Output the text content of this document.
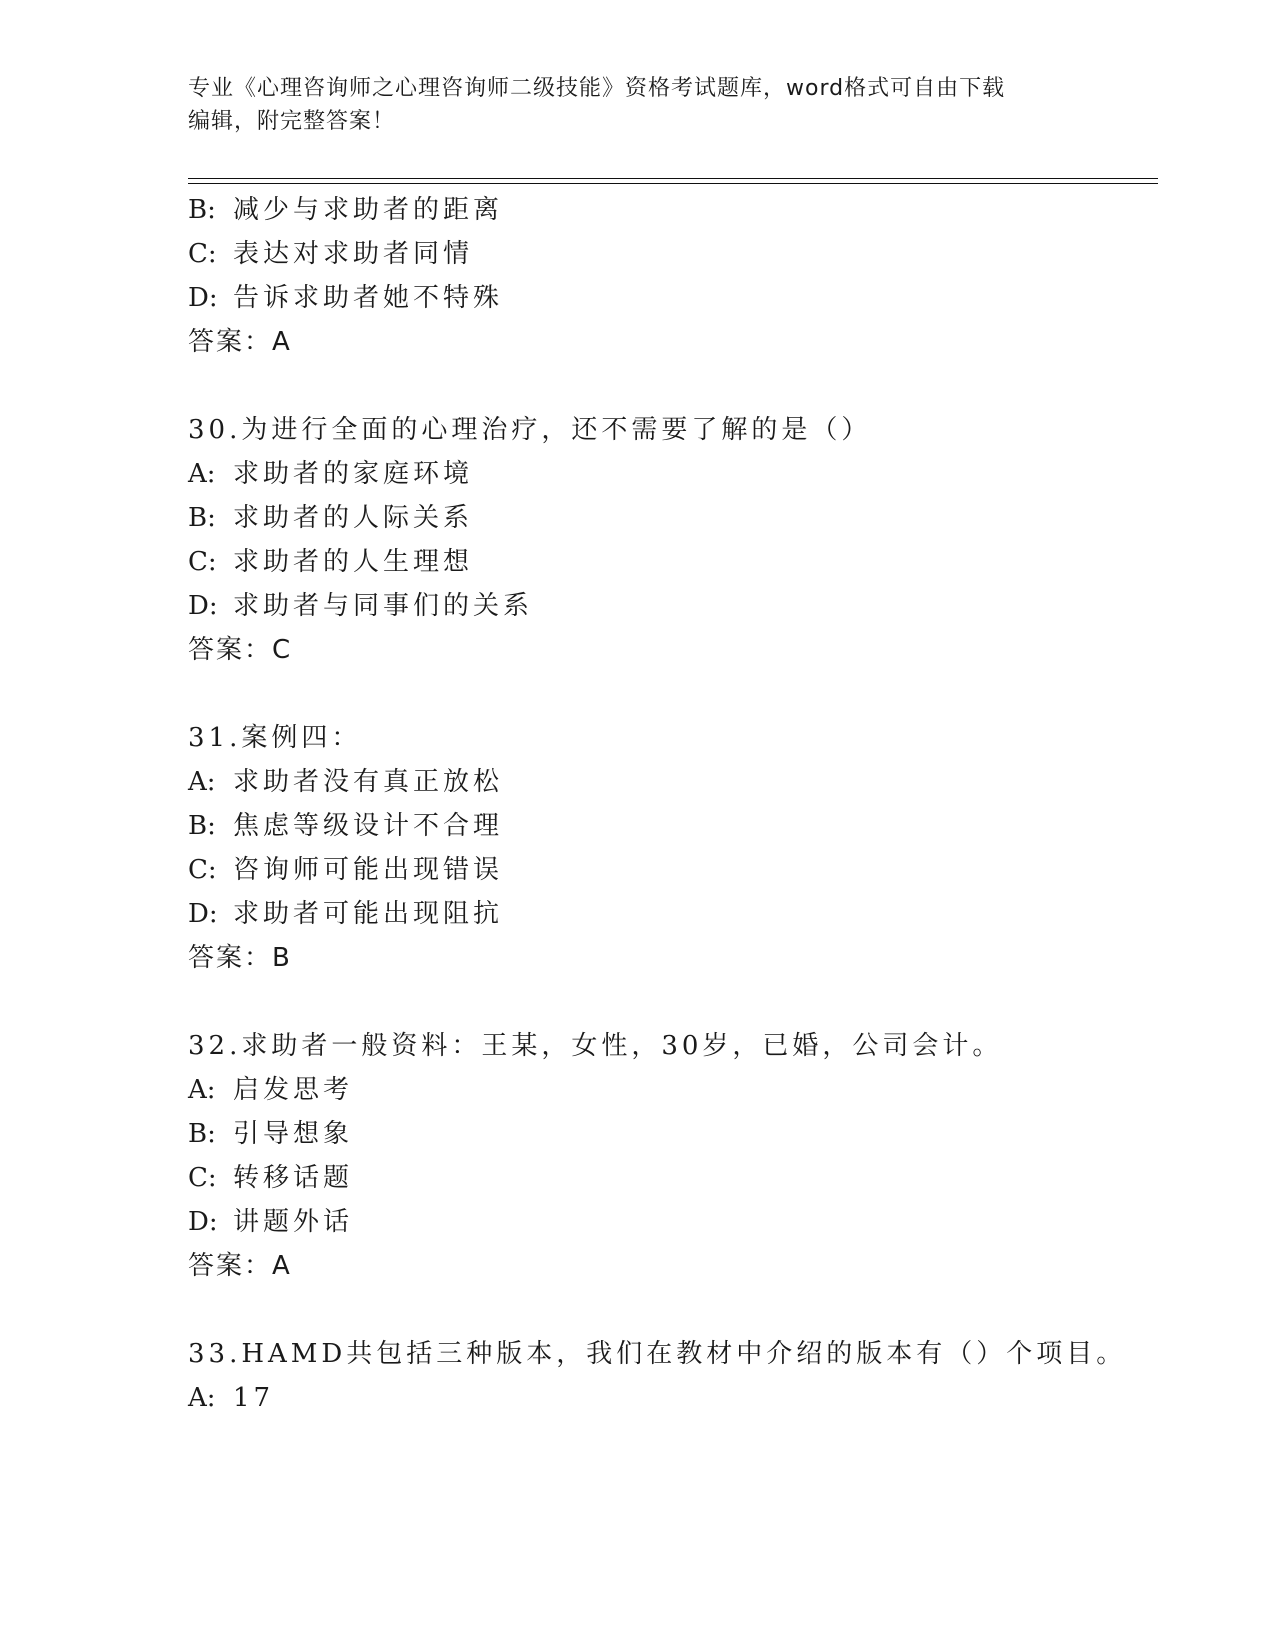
专业《心理咨询师之心理咨询师二级技能》资格考试题库，word格式可自由下载
编辑，附完整答案！
B: 减少与求助者的距离
C: 表达对求助者同情
D: 告诉求助者她不特殊
答案：A
30.为进行全面的心理治疗，还不需要了解的是（）
A: 求助者的家庭环境
B: 求助者的人际关系
C: 求助者的人生理想
D: 求助者与同事们的关系
答案：C
31.案例四：
A: 求助者没有真正放松
B: 焦虑等级设计不合理
C: 咨询师可能出现错误
D: 求助者可能出现阻抗
答案：B
32.求助者一般资料：王某，女性，30岁，已婚，公司会计。
A: 启发思考
B: 引导想象
C: 转移话题
D: 讲题外话
答案：A
33.HAMD共包括三种版本，我们在教材中介绍的版本有（）个项目。
A: 17
